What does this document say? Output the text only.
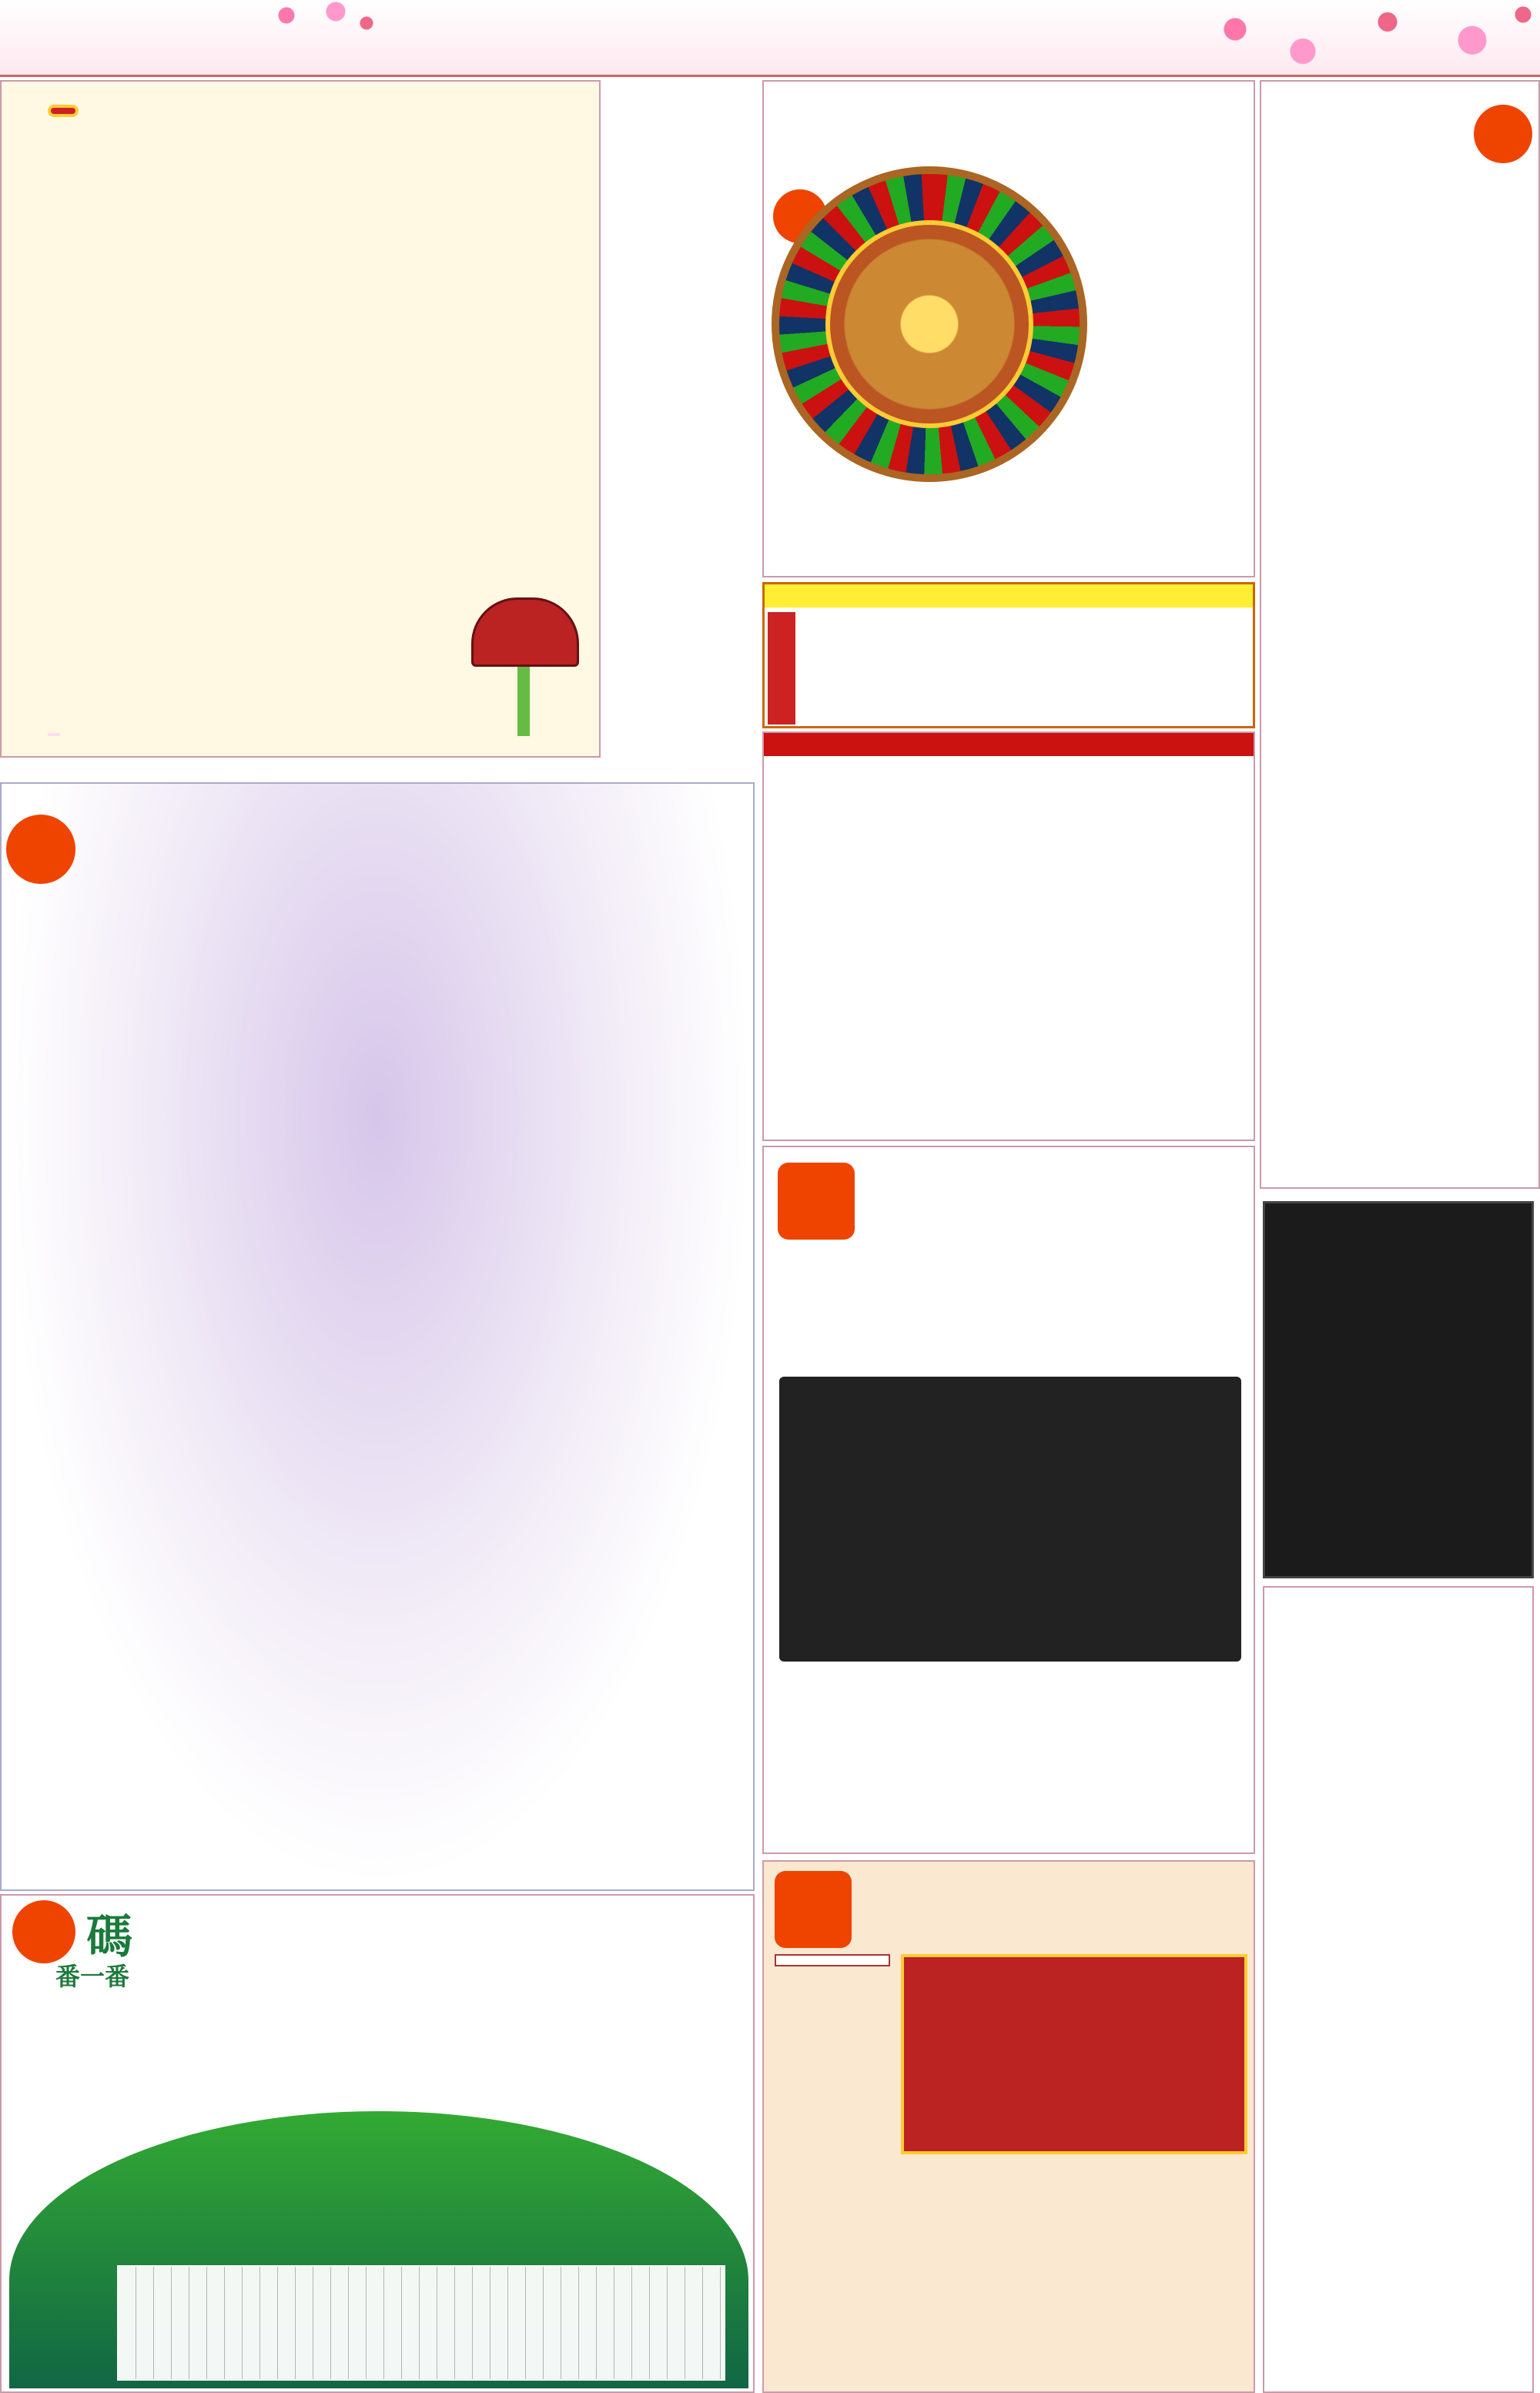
碼
番一番
